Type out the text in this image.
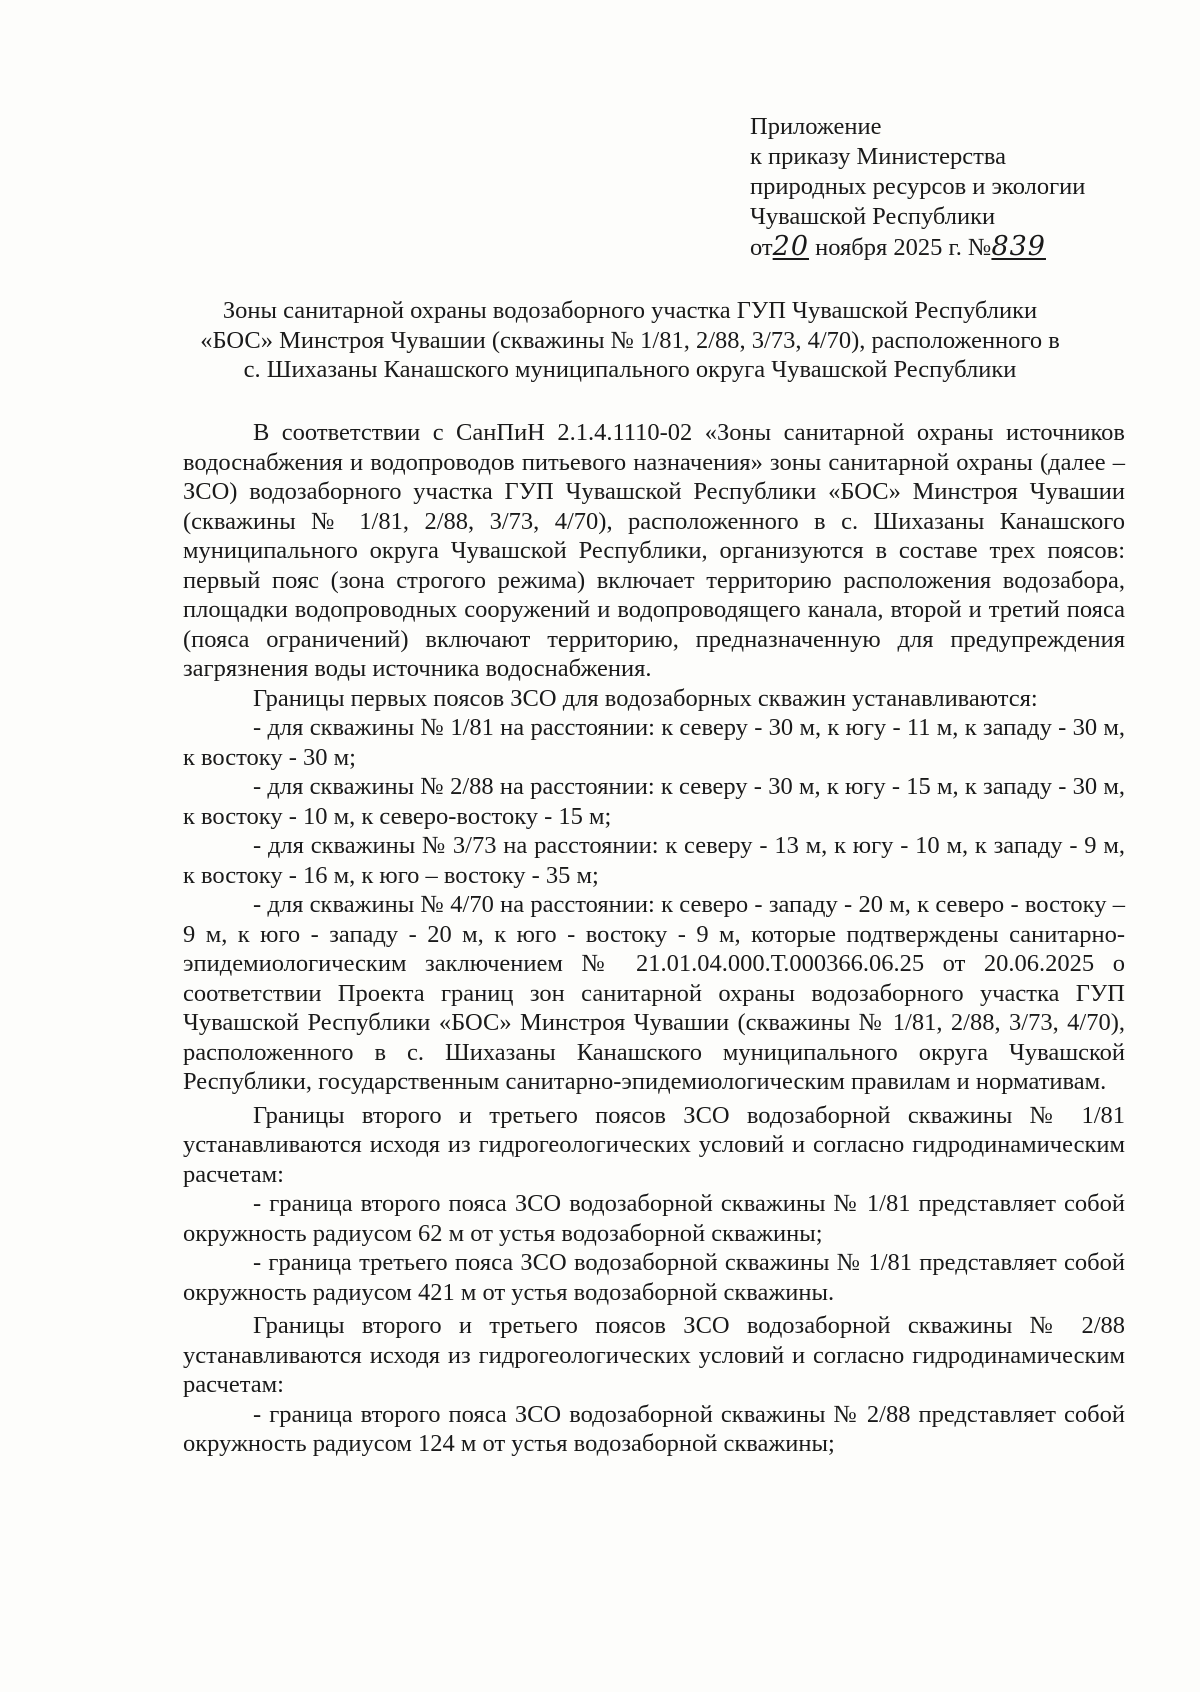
Приложение
к приказу Министерства
природных ресурсов и экологии
Чувашской Республики
от20 ноября 2025 г. №839
Зоны санитарной охраны водозаборного участка ГУП Чувашской Республики
«БОС» Минстроя Чувашии (скважины № 1/81, 2/88, 3/73, 4/70), расположенного в
с. Шихазаны Канашского муниципального округа Чувашской Республики

В соответствии с СанПиН 2.1.4.1110-02 «Зоны санитарной охраны источников водоснабжения и водопроводов питьевого назначения» зоны санитарной охраны (далее – ЗСО) водозаборного участка ГУП Чувашской Республики «БОС» Минстроя Чувашии (скважины № 1/81, 2/88, 3/73, 4/70), расположенного в с. Шихазаны Канашского муниципального округа Чувашской Республики, организуются в составе трех поясов: первый пояс (зона строгого режима) включает территорию расположения водозабора, площадки водопроводных сооружений и водопроводящего канала, второй и третий пояса (пояса ограничений) включают территорию, предназначенную для предупреждения загрязнения воды источника водоснабжения.

Границы первых поясов ЗСО для водозаборных скважин устанавливаются:

- для скважины № 1/81 на расстоянии: к северу - 30 м, к югу - 11 м, к западу - 30 м, к востоку - 30 м;

- для скважины № 2/88 на расстоянии: к северу - 30 м, к югу - 15 м, к западу - 30 м, к востоку - 10 м, к северо-востоку - 15 м;

- для скважины № 3/73 на расстоянии: к северу - 13 м, к югу - 10 м, к западу - 9 м, к востоку - 16 м, к юго – востоку - 35 м;

- для скважины № 4/70 на расстоянии: к северо - западу - 20 м, к северо - востоку – 9 м, к юго - западу - 20 м, к юго - востоку - 9 м, которые подтверждены санитарно-эпидемиологическим заключением № 21.01.04.000.Т.000366.06.25 от 20.06.2025 о соответствии Проекта границ зон санитарной охраны водозаборного участка ГУП Чувашской Республики «БОС» Минстроя Чувашии (скважины № 1/81, 2/88, 3/73, 4/70), расположенного в с. Шихазаны Канашского муниципального округа Чувашской Республики, государственным санитарно-эпидемиологическим правилам и нормативам.

Границы второго и третьего поясов ЗСО водозаборной скважины № 1/81 устанавливаются исходя из гидрогеологических условий и согласно гидродинамическим расчетам:

- граница второго пояса ЗСО водозаборной скважины № 1/81 представляет собой окружность радиусом 62 м от устья водозаборной скважины;

- граница третьего пояса ЗСО водозаборной скважины № 1/81 представляет собой окружность радиусом 421 м от устья водозаборной скважины.

Границы второго и третьего поясов ЗСО водозаборной скважины № 2/88 устанавливаются исходя из гидрогеологических условий и согласно гидродинамическим расчетам:

- граница второго пояса ЗСО водозаборной скважины № 2/88 представляет собой окружность радиусом 124 м от устья водозаборной скважины;
